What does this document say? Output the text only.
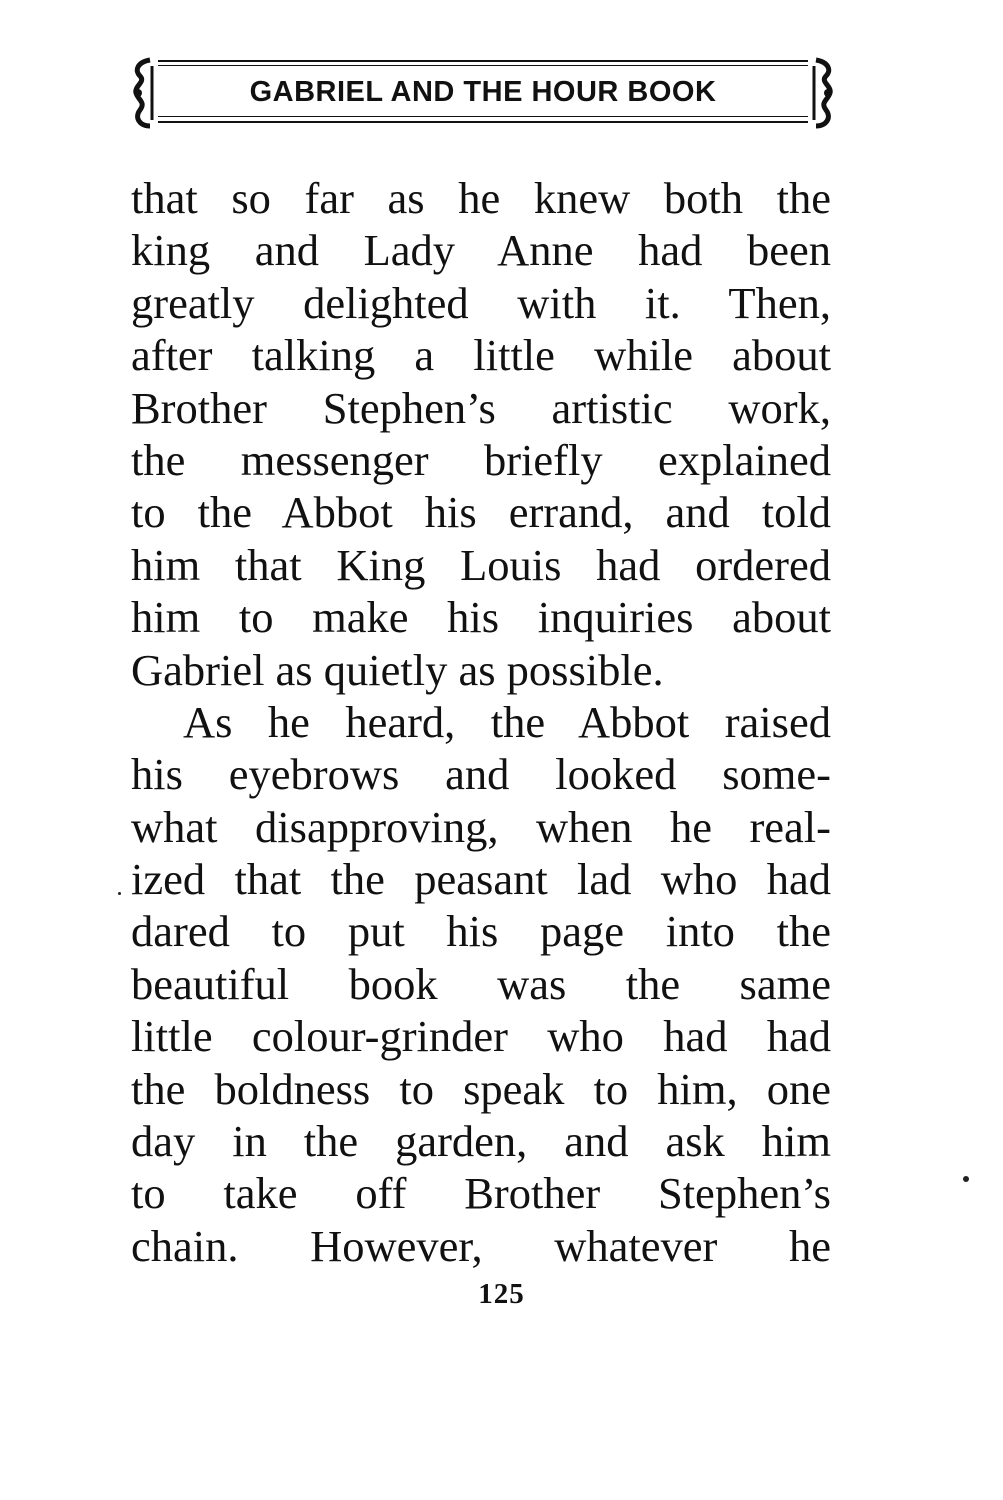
GABRIEL AND THE HOUR BOOK
that so far as he knew both the
king and Lady Anne had been
greatly delighted with it. Then,
after talking a little while about
Brother Stephen’s artistic work,
the messenger briefly explained
to the Abbot his errand, and told
him that King Louis had ordered
him to make his inquiries about
Gabriel as quietly as possible.
As he heard, the Abbot raised
his eyebrows and looked some-
what disapproving, when he real-
ized that the peasant lad who had
dared to put his page into the
beautiful book was the same
little colour-grinder who had had
the boldness to speak to him, one
day in the garden, and ask him
to take off Brother Stephen’s
chain. However, whatever he
125
